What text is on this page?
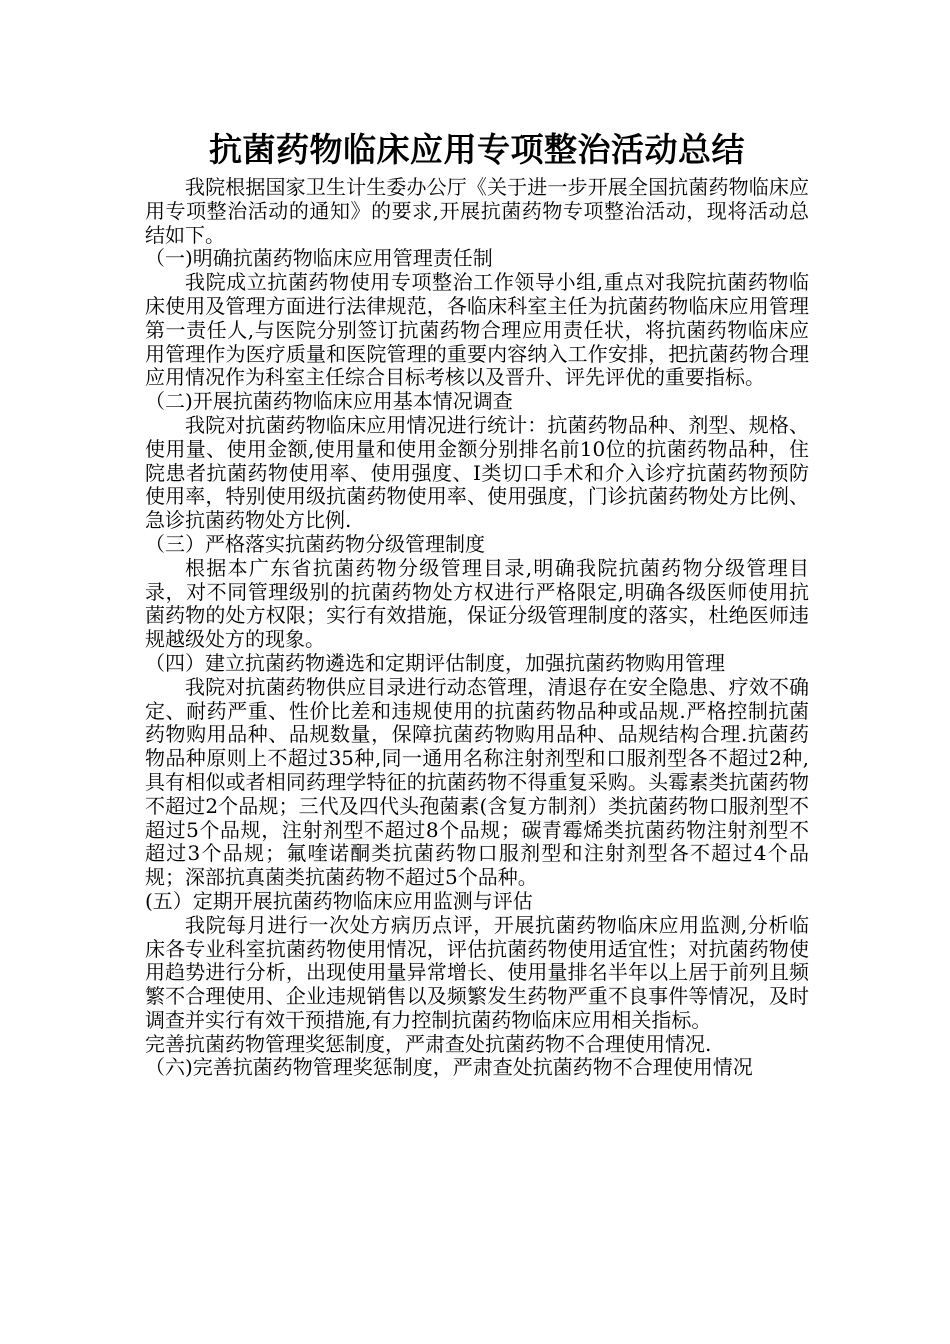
抗菌药物临床应用专项整治活动总结

我院根据国家卫生计生委办公厅《关于进一步开展全国抗菌药物临床应用专项整治活动的通知》的要求,开展抗菌药物专项整治活动，现将活动总结如下。

（一)明确抗菌药物临床应用管理责任制

我院成立抗菌药物使用专项整治工作领导小组,重点对我院抗菌药物临床使用及管理方面进行法律规范，各临床科室主任为抗菌药物临床应用管理第一责任人,与医院分别签订抗菌药物合理应用责任状，将抗菌药物临床应用管理作为医疗质量和医院管理的重要内容纳入工作安排，把抗菌药物合理应用情况作为科室主任综合目标考核以及晋升、评先评优的重要指标。

（二)开展抗菌药物临床应用基本情况调查

我院对抗菌药物临床应用情况进行统计：抗菌药物品种、剂型、规格、使用量、使用金额,使用量和使用金额分别排名前10位的抗菌药物品种，住院患者抗菌药物使用率、使用强度、I类切口手术和介入诊疗抗菌药物预防使用率，特别使用级抗菌药物使用率、使用强度，门诊抗菌药物处方比例、急诊抗菌药物处方比例.

（三）严格落实抗菌药物分级管理制度

根据本广东省抗菌药物分级管理目录,明确我院抗菌药物分级管理目录，对不同管理级别的抗菌药物处方权进行严格限定,明确各级医师使用抗菌药物的处方权限；实行有效措施，保证分级管理制度的落实，杜绝医师违规越级处方的现象。

（四）建立抗菌药物遴选和定期评估制度，加强抗菌药物购用管理

我院对抗菌药物供应目录进行动态管理，清退存在安全隐患、疗效不确定、耐药严重、性价比差和违规使用的抗菌药物品种或品规.严格控制抗菌药物购用品种、品规数量，保障抗菌药物购用品种、品规结构合理.抗菌药物品种原则上不超过35种,同一通用名称注射剂型和口服剂型各不超过2种,具有相似或者相同药理学特征的抗菌药物不得重复采购。头霉素类抗菌药物不超过2个品规；三代及四代头孢菌素(含复方制剂）类抗菌药物口服剂型不超过5个品规，注射剂型不超过8个品规；碳青霉烯类抗菌药物注射剂型不超过3个品规；氟喹诺酮类抗菌药物口服剂型和注射剂型各不超过4个品规；深部抗真菌类抗菌药物不超过5个品种。

(五）定期开展抗菌药物临床应用监测与评估

我院每月进行一次处方病历点评，开展抗菌药物临床应用监测,分析临床各专业科室抗菌药物使用情况，评估抗菌药物使用适宜性；对抗菌药物使用趋势进行分析，出现使用量异常增长、使用量排名半年以上居于前列且频繁不合理使用、企业违规销售以及频繁发生药物严重不良事件等情况，及时调查并实行有效干预措施,有力控制抗菌药物临床应用相关指标。

完善抗菌药物管理奖惩制度，严肃查处抗菌药物不合理使用情况.

（六)完善抗菌药物管理奖惩制度，严肃查处抗菌药物不合理使用情况
